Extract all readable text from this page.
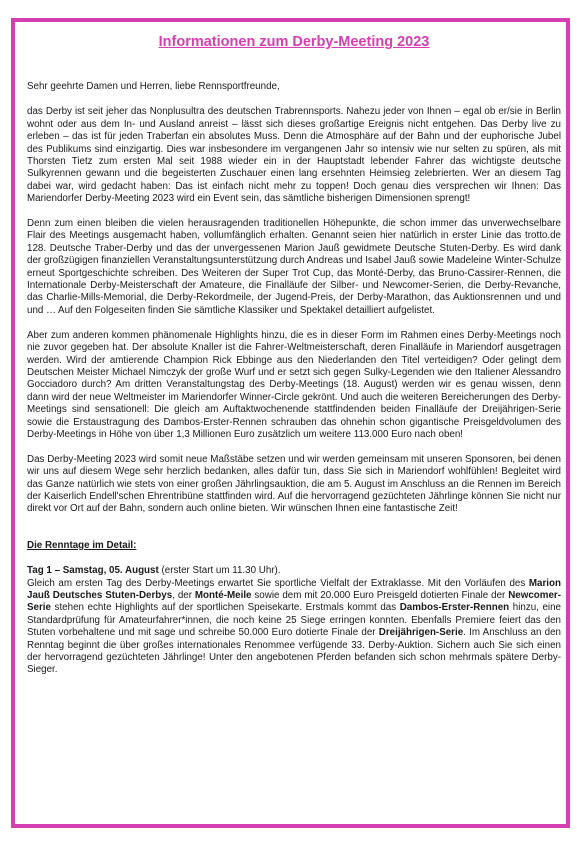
Informationen zum Derby-Meeting 2023

Sehr geehrte Damen und Herren, liebe Rennsportfreunde,

das Derby ist seit jeher das Nonplusultra des deutschen Trabrennsports. Nahezu jeder von Ihnen – egal ob er/sie in Berlin wohnt oder aus dem In- und Ausland anreist – lässt sich dieses großartige Ereignis nicht entgehen. Das Derby live zu erleben – das ist für jeden Traberfan ein absolutes Muss. Denn die Atmosphäre auf der Bahn und der euphorische Jubel des Publikums sind einzigartig. Dies war insbesondere im vergangenen Jahr so intensiv wie nur selten zu spüren, als mit Thorsten Tietz zum ersten Mal seit 1988 wieder ein in der Hauptstadt lebender Fahrer das wichtigste deutsche Sulkyrennen gewann und die begeisterten Zuschauer einen lang ersehnten Heimsieg zelebrierten. Wer an diesem Tag dabei war, wird gedacht haben: Das ist einfach nicht mehr zu toppen! Doch genau dies versprechen wir Ihnen: Das Mariendorfer Derby-Meeting 2023 wird ein Event sein, das sämtliche bisherigen Dimensionen sprengt!

Denn zum einen bleiben die vielen herausragenden traditionellen Höhepunkte, die schon immer das unverwechselbare Flair des Meetings ausgemacht haben, vollumfänglich erhalten. Genannt seien hier natürlich in erster Linie das trotto.de 128. Deutsche Traber-Derby und das der unvergessenen Marion Jauß gewidmete Deutsche Stuten-Derby. Es wird dank der großzügigen finanziellen Veranstaltungsunterstützung durch Andreas und Isabel Jauß sowie Madeleine Winter-Schulze erneut Sportgeschichte schreiben. Des Weiteren der Super Trot Cup, das Monté-Derby, das Bruno-Cassirer-Rennen, die Internationale Derby-Meisterschaft der Amateure, die Finalläufe der Silber- und Newcomer-Serien, die Derby-Revanche, das Charlie-Mills-Memorial, die Derby-Rekordmeile, der Jugend-Preis, der Derby-Marathon, das Auktionsrennen und und und … Auf den Folgeseiten finden Sie sämtliche Klassiker und Spektakel detailliert aufgelistet.

Aber zum anderen kommen phänomenale Highlights hinzu, die es in dieser Form im Rahmen eines Derby-Meetings noch nie zuvor gegeben hat. Der absolute Knaller ist die Fahrer-Weltmeisterschaft, deren Finalläufe in Mariendorf ausgetragen werden. Wird der amtierende Champion Rick Ebbinge aus den Niederlanden den Titel verteidigen? Oder gelingt dem Deutschen Meister Michael Nimczyk der große Wurf und er setzt sich gegen Sulky-Legenden wie den Italiener Alessandro Gocciadoro durch? Am dritten Veranstaltungstag des Derby-Meetings (18. August) werden wir es genau wissen, denn dann wird der neue Weltmeister im Mariendorfer Winner-Circle gekrönt. Und auch die weiteren Bereicherungen des Derby-Meetings sind sensationell: Die gleich am Auftaktwochenende stattfindenden beiden Finalläufe der Dreijährigen-Serie sowie die Erstaustragung des Dambos-Erster-Rennen schrauben das ohnehin schon gigantische Preisgeldvolumen des Derby-Meetings in Höhe von über 1,3 Millionen Euro zusätzlich um weitere 113.000 Euro nach oben!

Das Derby-Meeting 2023 wird somit neue Maßstäbe setzen und wir werden gemeinsam mit unseren Sponsoren, bei denen wir uns auf diesem Wege sehr herzlich bedanken, alles dafür tun, dass Sie sich in Mariendorf wohlfühlen! Begleitet wird das Ganze natürlich wie stets von einer großen Jährlingsauktion, die am 5. August im Anschluss an die Rennen im Bereich der Kaiserlich Endell'schen Ehrentribüne stattfinden wird. Auf die hervorragend gezüchteten Jährlinge können Sie nicht nur direkt vor Ort auf der Bahn, sondern auch online bieten. Wir wünschen Ihnen eine fantastische Zeit!

Die Renntage im Detail:
Tag 1 – Samstag, 05. August (erster Start um 11.30 Uhr).

Gleich am ersten Tag des Derby-Meetings erwartet Sie sportliche Vielfalt der Extraklasse. Mit den Vorläufen des Marion Jauß Deutsches Stuten-Derbys, der Monté-Meile sowie dem mit 20.000 Euro Preisgeld dotierten Finale der Newcomer-Serie stehen echte Highlights auf der sportlichen Speisekarte. Erstmals kommt das Dambos-Erster-Rennen hinzu, eine Standardprüfung für Amateurfahrer*innen, die noch keine 25 Siege erringen konnten. Ebenfalls Premiere feiert das den Stuten vorbehaltene und mit sage und schreibe 50.000 Euro dotierte Finale der Dreijährigen-Serie. Im Anschluss an den Renntag beginnt die über großes internationales Renommee verfügende 33. Derby-Auktion. Sichern auch Sie sich einen der hervorragend gezüchteten Jährlinge! Unter den angebotenen Pferden befanden sich schon mehrmals spätere Derby-Sieger.
